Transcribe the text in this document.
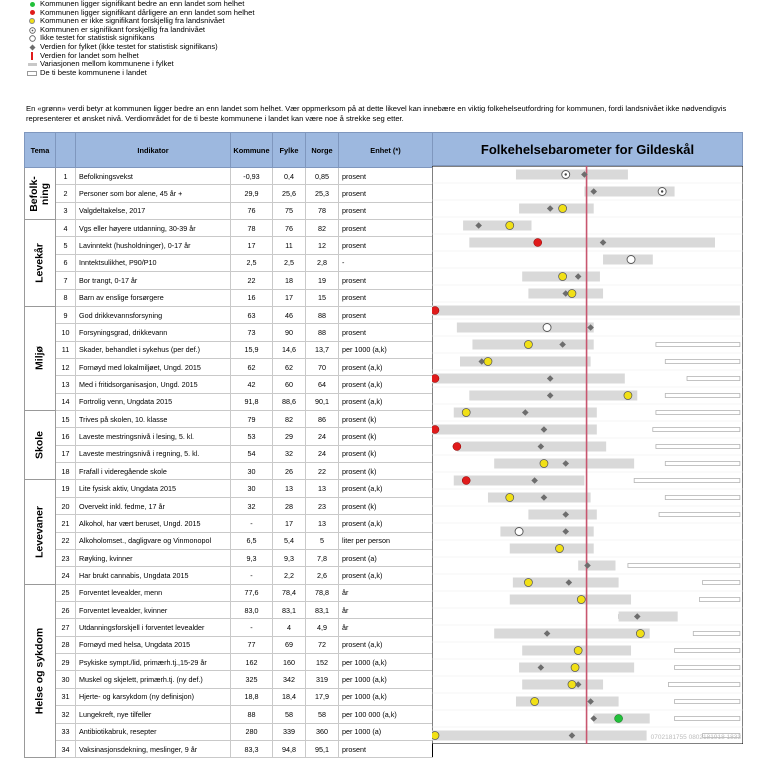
Kommunen ligger signifikant bedre an enn landet som helhet
Kommunen ligger signifikant dårligere an enn landet som helhet
Kommunen er ikke signifikant forskjellig fra landsnivået
Kommunen er signifikant forskjellig fra landnivået
Ikke testet for statistisk signifikans
Verdien for fylket (ikke testet for statistisk signifikans)
Verdien for landet som helhet
Variasjonen mellom kommunene i fylket
De ti beste kommunene i landet
En «grønn» verdi betyr at kommunen ligger bedre an enn landet som helhet. Vær oppmerksom på at dette likevel kan innebære en viktig folkehelseutfordring for kommunen, fordi landsnivået ikke nødvendigvis representerer et ønsket nivå. Verdiområdet for de ti beste kommunene i landet kan være noe å strekke seg etter.
Tema		Indikator	Kommune	Fylke	Norge	Enhet (*)

Befolk-
ning	1	Befolkningsvekst	-0,93	0,4	0,85	prosent
	2	Personer som bor alene, 45 år +	29,9	25,6	25,3	prosent
	3	Valgdeltakelse, 2017	76	75	78	prosent

Levekår	4	Vgs eller høyere utdanning, 30-39 år	78	76	82	prosent
	5	Lavinntekt (husholdninger), 0-17 år	17	11	12	prosent
	6	Inntektsulikhet, P90/P10	2,5	2,5	2,8	-
	7	Bor trangt, 0-17 år	22	18	19	prosent
	8	Barn av enslige forsørgere	16	17	15	prosent

Miljø	9	God drikkevannsforsyning	63	46	88	prosent
	10	Forsyningsgrad, drikkevann	73	90	88	prosent
	11	Skader, behandlet i sykehus (per def.)	15,9	14,6	13,7	per 1000 (a,k)
	12	Fornøyd med lokalmiljøet, Ungd. 2015	62	62	70	prosent (a,k)
	13	Med i fritidsorganisasjon, Ungd. 2015	42	60	64	prosent (a,k)
	14	Fortrolig venn, Ungdata 2015	91,8	88,6	90,1	prosent (a,k)

Skole	15	Trives på skolen, 10. klasse	79	82	86	prosent (k)
	16	Laveste mestringsnivå i lesing, 5. kl.	53	29	24	prosent (k)
	17	Laveste mestringsnivå i regning, 5. kl.	54	32	24	prosent (k)
	18	Frafall i videregående skole	30	26	22	prosent (k)

Levevaner	19	Lite fysisk aktiv, Ungdata 2015	30	13	13	prosent (a,k)
	20	Overvekt inkl. fedme, 17 år	32	28	23	prosent (k)
	21	Alkohol, har vært beruset, Ungd. 2015	-	17	13	prosent (a,k)
	22	Alkoholomset., dagligvare og Vinmonopol	6,5	5,4	5	liter per person
	23	Røyking, kvinner	9,3	9,3	7,8	prosent (a)
	24	Har brukt cannabis, Ungdata 2015	-	2,2	2,6	prosent (a,k)

Helse og sykdom	25	Forventet levealder, menn	77,6	78,4	78,8	år
	26	Forventet levealder, kvinner	83,0	83,1	83,1	år
	27	Utdanningsforskjell i forventet levealder	-	4	4,9	år
	28	Fornøyd med helsa, Ungdata 2015	77	69	72	prosent (a,k)
	29	Psykiske sympt./lid, primærh.tj.,15-29 år	162	160	152	per 1000 (a,k)
	30	Muskel og skjelett, primærh.tj. (ny def.)	325	342	319	per 1000 (a,k)
	31	Hjerte- og karsykdom (ny definisjon)	18,8	18,4	17,9	per 1000 (a,k)
	32	Lungekreft, nye tilfeller	88	58	58	per 100 000 (a,k)
	33	Antibiotikabruk, resepter	280	339	360	per 1000 (a)
	34	Vaksinasjonsdekning, meslinger, 9 år	83,3	94,8	95,1	prosent
Folkehelsebarometer for Gildeskål
0702181755 0802181918 1833
